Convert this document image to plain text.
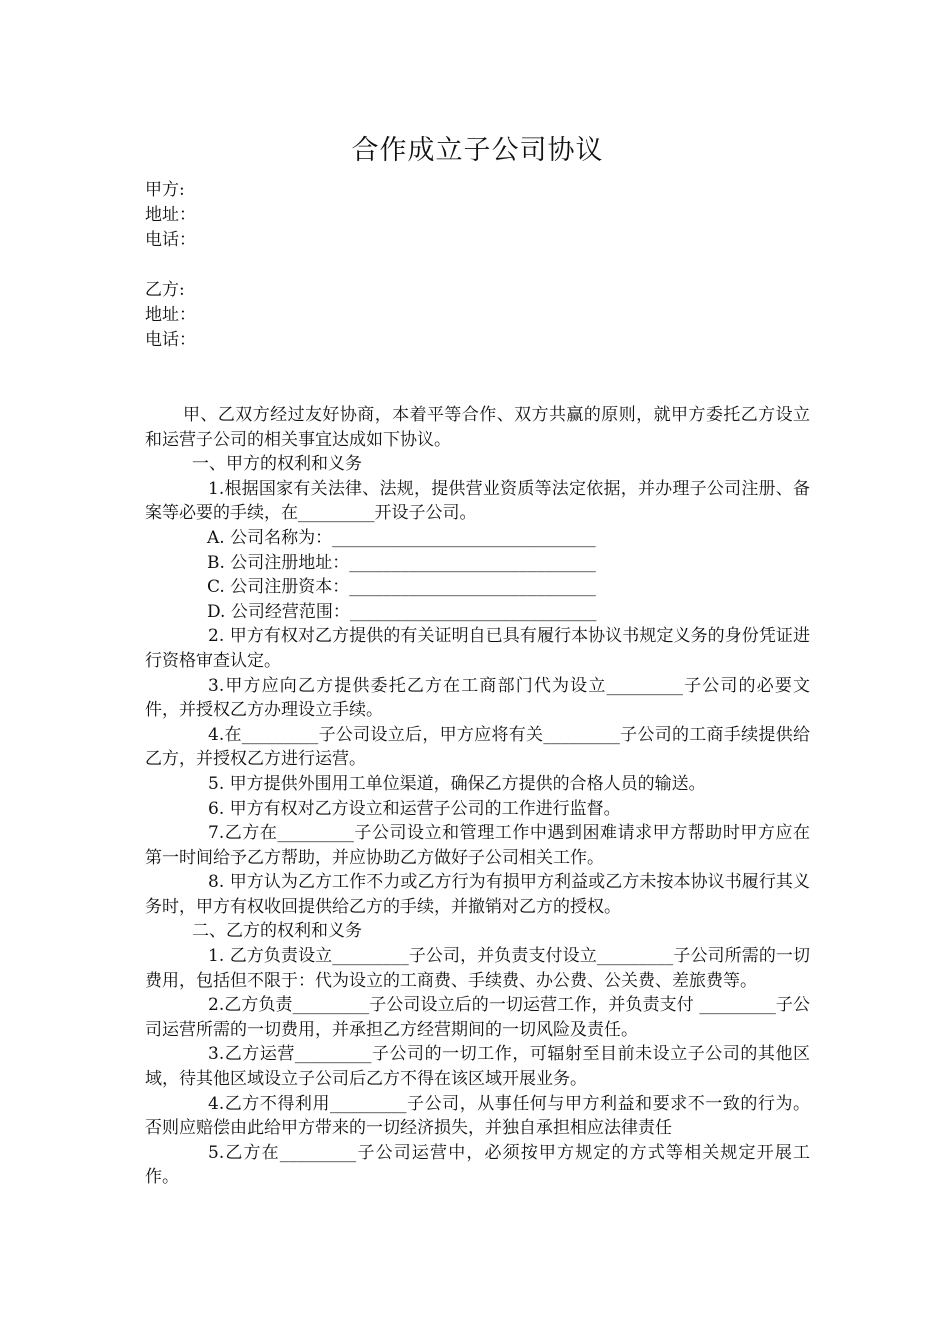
合作成立子公司协议
甲方:
地址：
电话：
乙方:
地址：
电话：
甲、乙双方经过友好协商，本着平等合作、双方共赢的原则，就甲方委托乙方设立和运营子公司的相关事宜达成如下协议。
一、甲方的权利和义务
1.根据国家有关法律、法规，提供营业资质等法定依据，并办理子公司注册、备案等必要的手续，在_________开设子公司。
A. 公司名称为：_______________________________
B. 公司注册地址：_____________________________
C. 公司注册资本：_____________________________
D. 公司经营范围：_____________________________
2. 甲方有权对乙方提供的有关证明自已具有履行本协议书规定义务的身份凭证进行资格审查认定。
3.甲方应向乙方提供委托乙方在工商部门代为设立_________子公司的必要文件，并授权乙方办理设立手续。
4.在_________子公司设立后，甲方应将有关_________子公司的工商手续提供给乙方，并授权乙方进行运营。
5. 甲方提供外围用工单位渠道，确保乙方提供的合格人员的输送。
6. 甲方有权对乙方设立和运营子公司的工作进行监督。
7.乙方在_________子公司设立和管理工作中遇到困难请求甲方帮助时甲方应在第一时间给予乙方帮助，并应协助乙方做好子公司相关工作。
8. 甲方认为乙方工作不力或乙方行为有损甲方利益或乙方未按本协议书履行其义务时，甲方有权收回提供给乙方的手续，并撤销对乙方的授权。
二、乙方的权利和义务
1. 乙方负责设立_________子公司，并负责支付设立_________子公司所需的一切费用，包括但不限于：代为设立的工商费、手续费、办公费、公关费、差旅费等。
2.乙方负责_________子公司设立后的一切运营工作，并负责支付 _________子公司运营所需的一切费用，并承担乙方经营期间的一切风险及责任。
3.乙方运营_________子公司的一切工作，可辐射至目前未设立子公司的其他区域，待其他区域设立子公司后乙方不得在该区域开展业务。
4.乙方不得利用_________子公司，从事任何与甲方利益和要求不一致的行为。否则应赔偿由此给甲方带来的一切经济损失，并独自承担相应法律责任
5.乙方在_________子公司运营中，必须按甲方规定的方式等相关规定开展工作。
